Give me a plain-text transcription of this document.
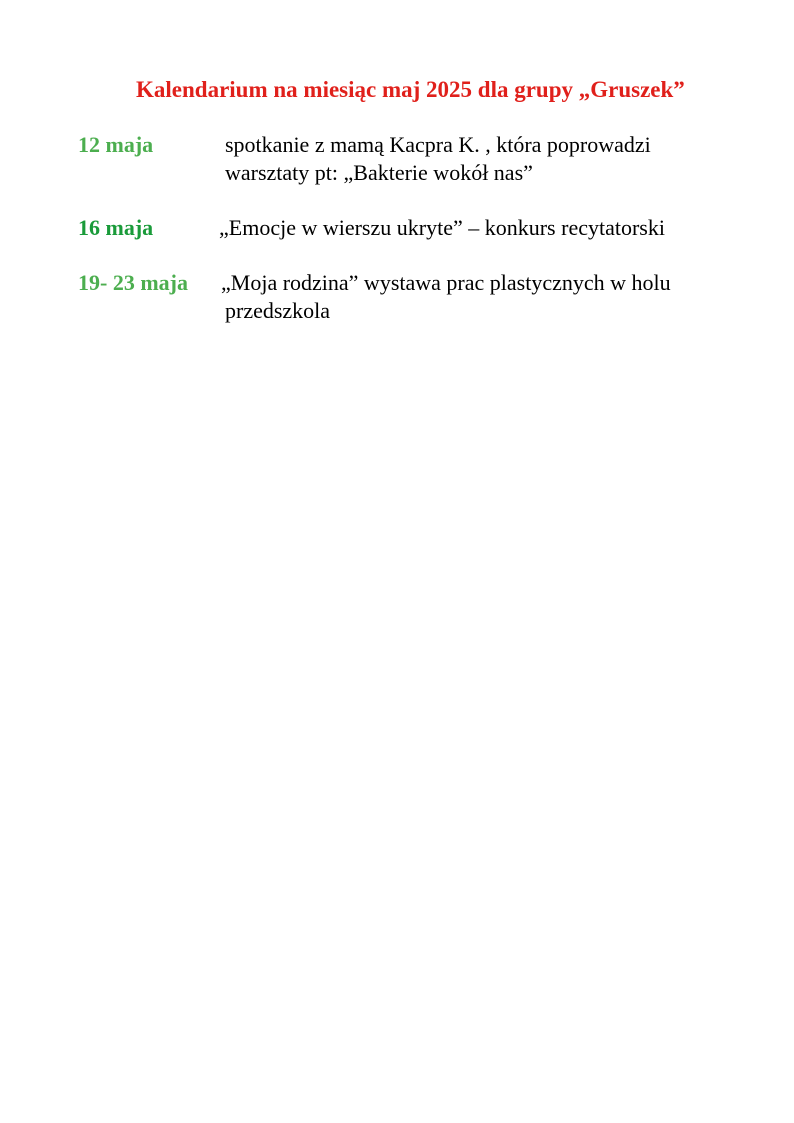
Kalendarium na miesiąc maj 2025 dla grupy „Gruszek”
12 maja	spotkanie z mamą Kacpra K. , która poprowadzi
warsztaty pt: „Bakterie wokół nas”
16 maja	„Emocje w wierszu ukryte” – konkurs recytatorski
19- 23 maja „Moja rodzina” wystawa prac plastycznych w holu
przedszkola
